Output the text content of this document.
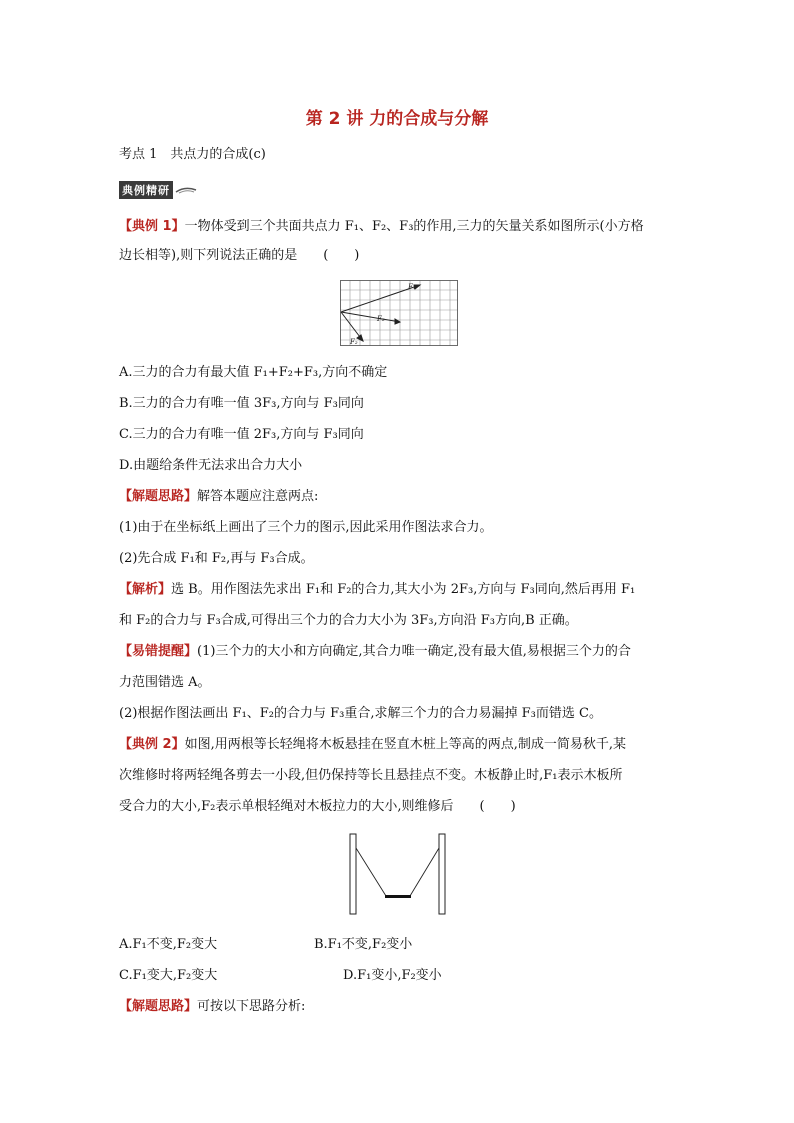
第 2 讲 力的合成与分解
考点 1　共点力的合成(c)
典例精研
【典例 1】一物体受到三个共面共点力 F₁、F₂、F₃的作用,三力的矢量关系如图所示(小方格
边长相等),则下列说法正确的是　　(　　)
F₁
F₃
F₂
A.三力的合力有最大值 F₁+F₂+F₃,方向不确定
B.三力的合力有唯一值 3F₃,方向与 F₃同向
C.三力的合力有唯一值 2F₃,方向与 F₃同向
D.由题给条件无法求出合力大小
【解题思路】解答本题应注意两点:
(1)由于在坐标纸上画出了三个力的图示,因此采用作图法求合力。
(2)先合成 F₁和 F₂,再与 F₃合成。
【解析】选 B。用作图法先求出 F₁和 F₂的合力,其大小为 2F₃,方向与 F₃同向,然后再用 F₁
和 F₂的合力与 F₃合成,可得出三个力的合力大小为 3F₃,方向沿 F₃方向,B 正确。
【易错提醒】(1)三个力的大小和方向确定,其合力唯一确定,没有最大值,易根据三个力的合
力范围错选 A。
(2)根据作图法画出 F₁、F₂的合力与 F₃重合,求解三个力的合力易漏掉 F₃而错选 C。
【典例 2】如图,用两根等长轻绳将木板悬挂在竖直木桩上等高的两点,制成一简易秋千,某
次维修时将两轻绳各剪去一小段,但仍保持等长且悬挂点不变。木板静止时,F₁表示木板所
受合力的大小,F₂表示单根轻绳对木板拉力的大小,则维修后　　(　　)
A.F₁不变,F₂变大	B.F₁不变,F₂变小
C.F₁变大,F₂变大	D.F₁变小,F₂变小
【解题思路】可按以下思路分析:
